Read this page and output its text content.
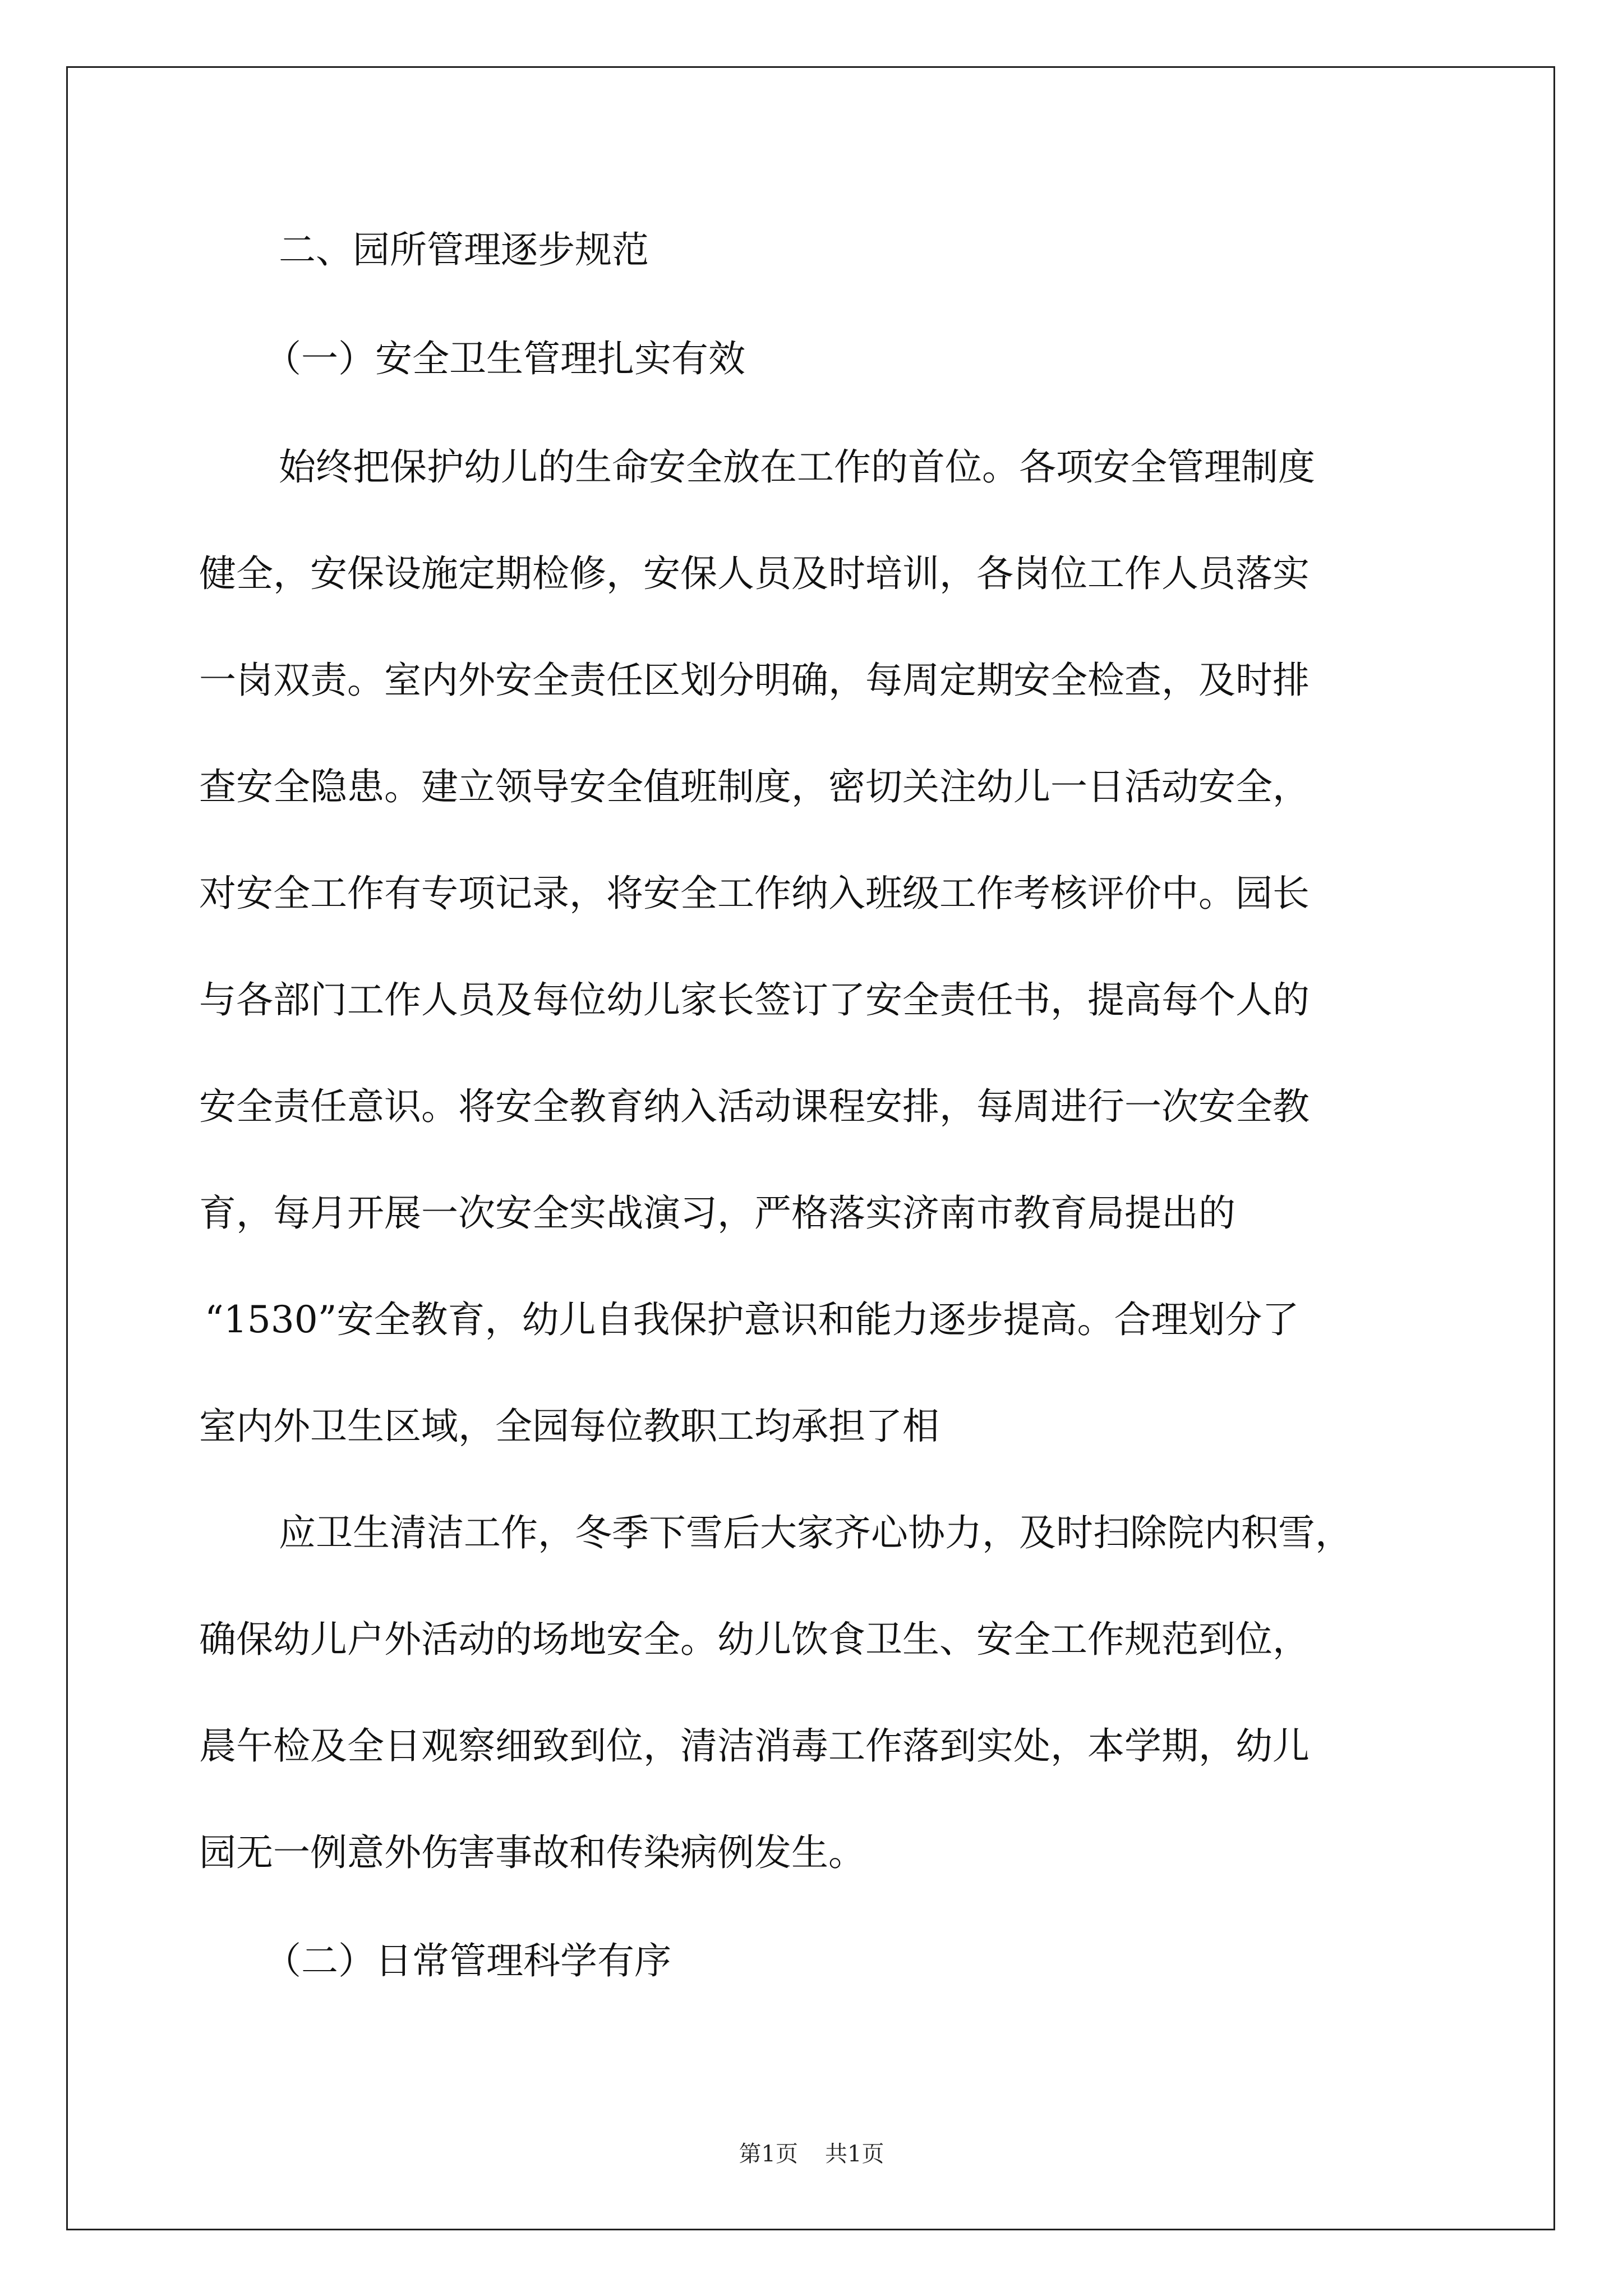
二、园所管理逐步规范

（一）安全卫生管理扎实有效

始终把保护幼儿的生命安全放在工作的首位。各项安全管理制度

健全，安保设施定期检修，安保人员及时培训，各岗位工作人员落实

一岗双责。室内外安全责任区划分明确，每周定期安全检查，及时排

查安全隐患。建立领导安全值班制度，密切关注幼儿一日活动安全，

对安全工作有专项记录，将安全工作纳入班级工作考核评价中。园长

与各部门工作人员及每位幼儿家长签订了安全责任书，提高每个人的

安全责任意识。将安全教育纳入活动课程安排，每周进行一次安全教

育，每月开展一次安全实战演习，严格落实济南市教育局提出的

“1530”安全教育，幼儿自我保护意识和能力逐步提高。合理划分了

室内外卫生区域，全园每位教职工均承担了相

应卫生清洁工作，冬季下雪后大家齐心协力，及时扫除院内积雪，

确保幼儿户外活动的场地安全。幼儿饮食卫生、安全工作规范到位，

晨午检及全日观察细致到位，清洁消毒工作落到实处，本学期，幼儿

园无一例意外伤害事故和传染病例发生。

（二）日常管理科学有序

第1页 共1页
